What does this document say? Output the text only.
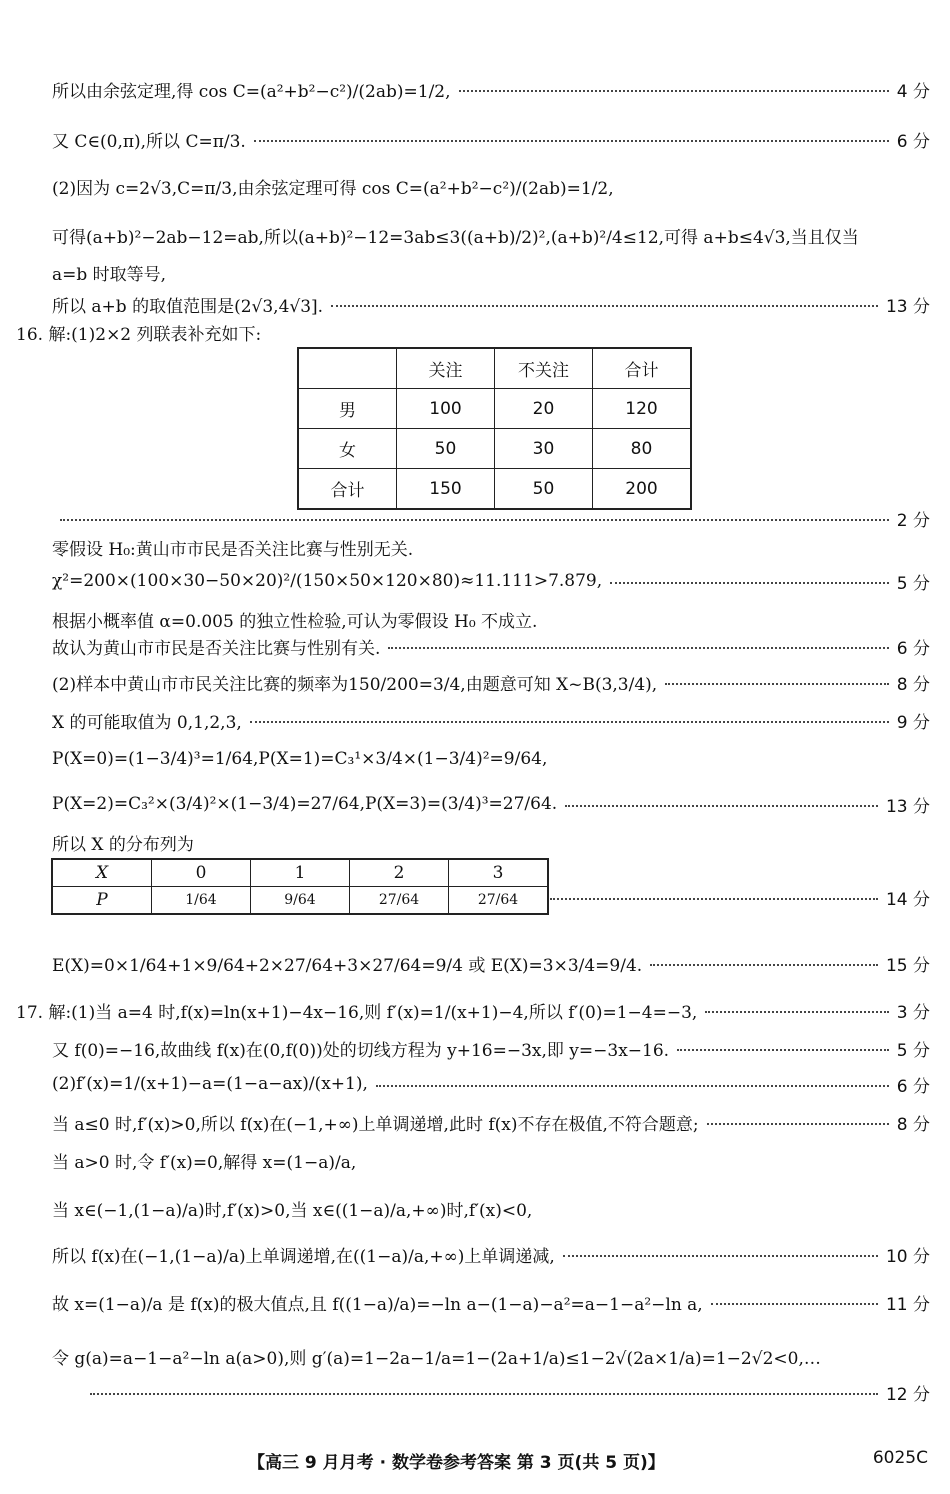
所以由余弦定理,得 cos C=(a²+b²−c²)/(2ab)=1/2,	4 分
又 C∈(0,π),所以 C=π/3.	6 分
(2)因为 c=2√3,C=π/3,由余弦定理可得 cos C=(a²+b²−c²)/(2ab)=1/2,
可得(a+b)²−2ab−12=ab,所以(a+b)²−12=3ab≤3((a+b)/2)²,(a+b)²/4≤12,可得 a+b≤4√3,当且仅当
a=b 时取等号,
所以 a+b 的取值范围是(2√3,4√3].	13 分
16. 解:(1)2×2 列联表补充如下:
	关注	不关注	合计
男	100	20	120
女	50	30	80
合计	150	50	200
2 分
零假设 H₀:黄山市市民是否关注比赛与性别无关.
χ²=200×(100×30−50×20)²/(150×50×120×80)≈11.111>7.879,	5 分
根据小概率值 α=0.005 的独立性检验,可认为零假设 H₀ 不成立.
故认为黄山市市民是否关注比赛与性别有关.	6 分
(2)样本中黄山市市民关注比赛的频率为150/200=3/4,由题意可知 X~B(3,3/4),	8 分
X 的可能取值为 0,1,2,3,	9 分
P(X=0)=(1−3/4)³=1/64,P(X=1)=C₃¹×3/4×(1−3/4)²=9/64,
P(X=2)=C₃²×(3/4)²×(1−3/4)=27/64,P(X=3)=(3/4)³=27/64.	13 分
所以 X 的分布列为
X	0	1	2	3
P	1/64	9/64	27/64	27/64	14 分
E(X)=0×1/64+1×9/64+2×27/64+3×27/64=9/4 或 E(X)=3×3/4=9/4.	15 分
17. 解:(1)当 a=4 时,f(x)=ln(x+1)−4x−16,则 f′(x)=1/(x+1)−4,所以 f′(0)=1−4=−3,	3 分
又 f(0)=−16,故曲线 f(x)在(0,f(0))处的切线方程为 y+16=−3x,即 y=−3x−16.	5 分
(2)f′(x)=1/(x+1)−a=(1−a−ax)/(x+1),	6 分
当 a≤0 时,f′(x)>0,所以 f(x)在(−1,+∞)上单调递增,此时 f(x)不存在极值,不符合题意;	8 分
当 a>0 时,令 f′(x)=0,解得 x=(1−a)/a,
当 x∈(−1,(1−a)/a)时,f′(x)>0,当 x∈((1−a)/a,+∞)时,f′(x)<0,
所以 f(x)在(−1,(1−a)/a)上单调递增,在((1−a)/a,+∞)上单调递减,	10 分
故 x=(1−a)/a 是 f(x)的极大值点,且 f((1−a)/a)=−ln a−(1−a)−a²=a−1−a²−ln a,	11 分
令 g(a)=a−1−a²−ln a(a>0),则 g′(a)=1−2a−1/a=1−(2a+1/a)≤1−2√(2a×1/a)=1−2√2<0,…
12 分
【高三 9 月月考 · 数学卷参考答案 第 3 页(共 5 页)】	6025C
